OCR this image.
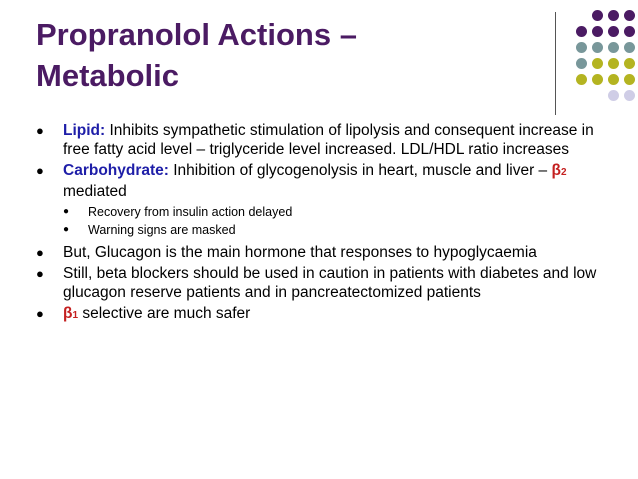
Propranolol Actions –
Metabolic
● Lipid: Inhibits sympathetic stimulation of lipolysis and consequent increase in free fatty acid level – triglyceride level increased. LDL/HDL ratio increases
● Carbohydrate: Inhibition of glycogenolysis in heart, muscle and liver – β2 mediated
● Recovery from insulin action delayed
● Warning signs are masked
● But, Glucagon is the main hormone that responses to hypoglycaemia
● Still, beta blockers should be used in caution in patients with diabetes and low glucagon reserve patients and in pancreatectomized patients
● β1 selective are much safer
